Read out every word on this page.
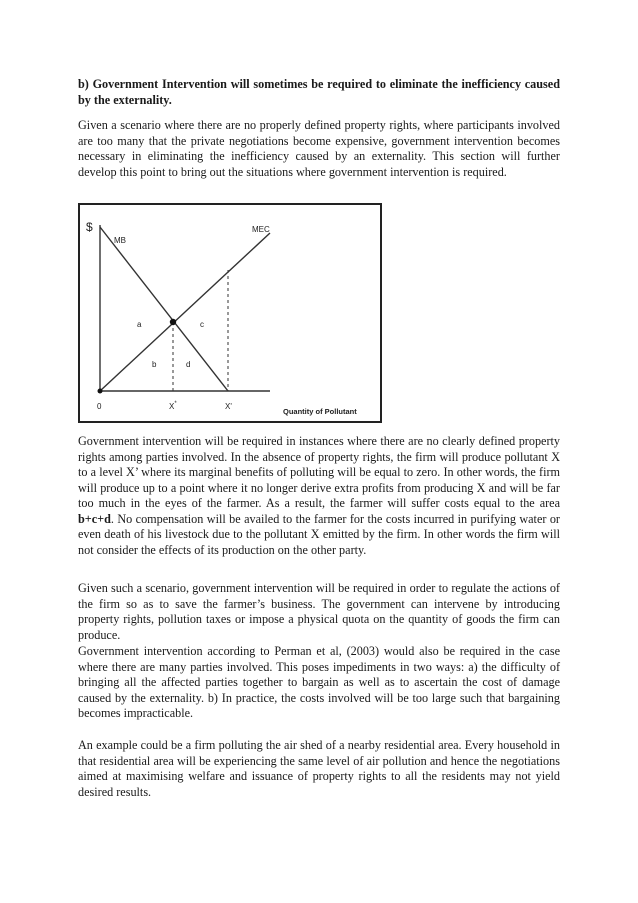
b) Government Intervention will sometimes be required to eliminate the inefficiency caused by the externality.

Given a scenario where there are no properly defined property rights, where participants involved are too many that the private negotiations become expensive, government intervention becomes necessary in eliminating the inefficiency caused by an externality. This section will further develop this point to bring out the situations where government intervention is required.

Government intervention will be required in instances where there are no clearly defined property rights among parties involved. In the absence of property rights, the firm will produce pollutant X to a level X’ where its marginal benefits of polluting will be equal to zero. In other words, the firm will produce up to a point where it no longer derive extra profits from producing X and will be far too much in the eyes of the farmer. As a result, the farmer will suffer costs equal to the area b+c+d. No compensation will be availed to the farmer for the costs incurred in purifying water or even death of his livestock due to the pollutant X emitted by the firm. In other words the firm will not consider the effects of its production on the other party.

Given such a scenario, government intervention will be required in order to regulate the actions of the firm so as to save the farmer’s business. The government can intervene by introducing property rights, pollution taxes or impose a physical quota on the quantity of goods the firm can produce.

Government intervention according to Perman et al, (2003) would also be required in the case where there are many parties involved. This poses impediments in two ways: a) the difficulty of bringing all the affected parties together to bargain as well as to ascertain the cost of damage caused by the externality. b) In practice, the costs involved will be too large such that bargaining becomes impracticable.

An example could be a firm polluting the air shed of a nearby residential area. Every household in that residential area will be experiencing the same level of air pollution and hence the negotiations aimed at maximising welfare and issuance of property rights to all the residents may not yield desired results.

$
MB
MEC
a	c
b	d
0	X*	X'
Quantity of Pollutant
